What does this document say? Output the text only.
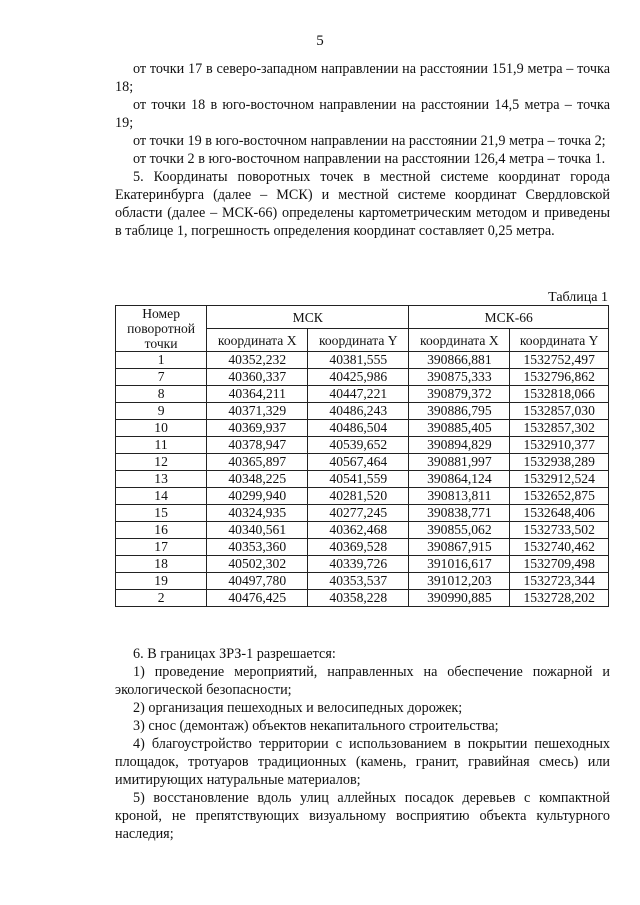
5

от точки 17 в северо-западном направлении на расстоянии 151,9 метра – точка 18;

от точки 18 в юго-восточном направлении на расстоянии 14,5 метра – точка 19;

от точки 19 в юго-восточном направлении на расстоянии 21,9 метра – точка 2;

от точки 2 в юго-восточном направлении на расстоянии 126,4 метра – точка 1.

5. Координаты поворотных точек в местной системе координат города Екатеринбурга (далее – МСК) и местной системе координат Свердловской области (далее – МСК-66) определены картометрическим методом и приведены в таблице 1, погрешность определения координат составляет 0,25 метра.

Таблица 1
Номер поворотной точки	МСК		МСК-66	
	координата X	координата Y	координата X	координата Y
1	40352,232	40381,555	390866,881	1532752,497
7	40360,337	40425,986	390875,333	1532796,862
8	40364,211	40447,221	390879,372	1532818,066
9	40371,329	40486,243	390886,795	1532857,030
10	40369,937	40486,504	390885,405	1532857,302
11	40378,947	40539,652	390894,829	1532910,377
12	40365,897	40567,464	390881,997	1532938,289
13	40348,225	40541,559	390864,124	1532912,524
14	40299,940	40281,520	390813,811	1532652,875
15	40324,935	40277,245	390838,771	1532648,406
16	40340,561	40362,468	390855,062	1532733,502
17	40353,360	40369,528	390867,915	1532740,462
18	40502,302	40339,726	391016,617	1532709,498
19	40497,780	40353,537	391012,203	1532723,344
2	40476,425	40358,228	390990,885	1532728,202

6. В границах ЗРЗ-1 разрешается:

1) проведение мероприятий, направленных на обеспечение пожарной и экологической безопасности;

2) организация пешеходных и велосипедных дорожек;

3) снос (демонтаж) объектов некапитального строительства;

4) благоустройство территории с использованием в покрытии пешеходных площадок, тротуаров традиционных (камень, гранит, гравийная смесь) или имитирующих натуральные материалов;

5) восстановление вдоль улиц аллейных посадок деревьев с компактной кроной, не препятствующих визуальному восприятию объекта культурного наследия;
